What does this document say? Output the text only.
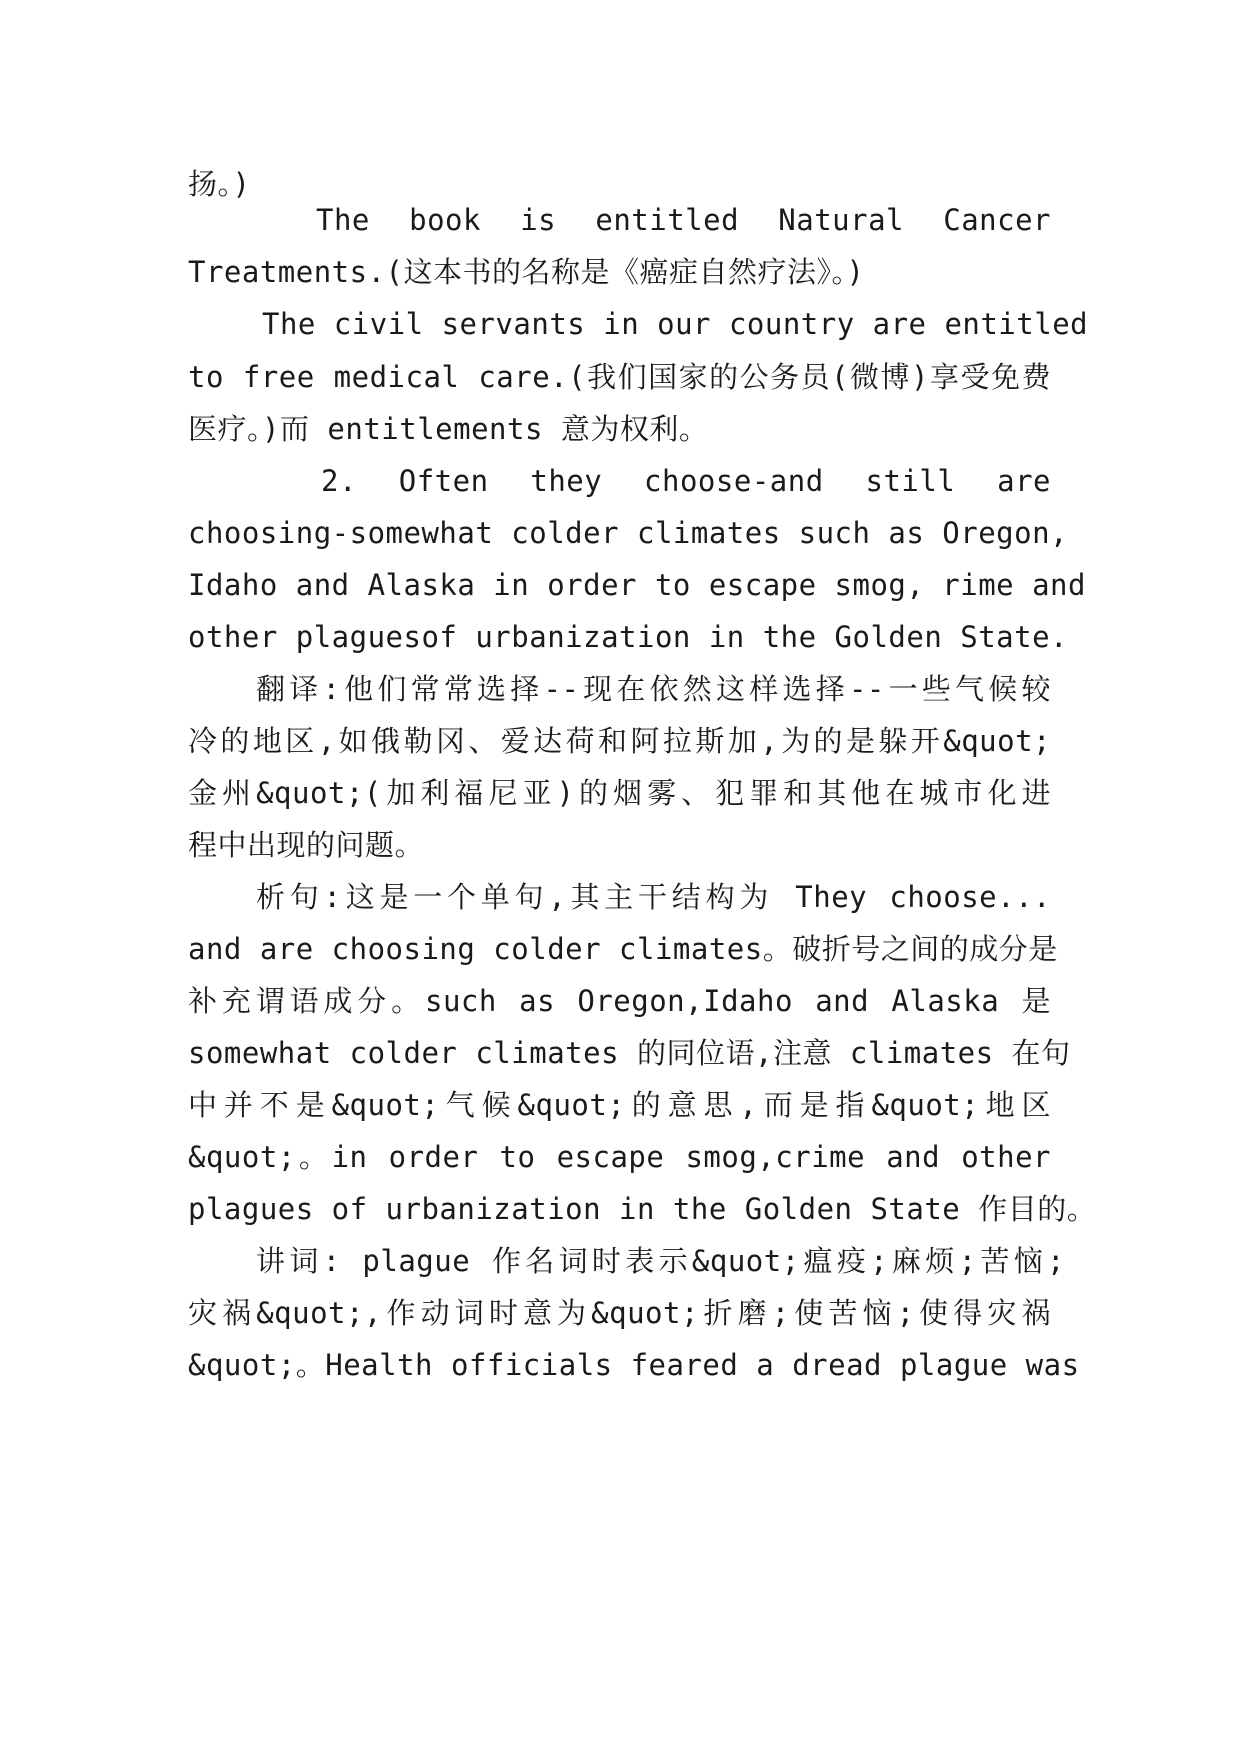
扬。)
The book is entitled Natural Cancer
Treatments.(这本书的名称是《癌症自然疗法》。)
The civil servants in our country are entitled
to free medical care.(我们国家的公务员(微博)享受免费
医疗。)而 entitlements 意为权利。
2. Often they choose-and still are
choosing-somewhat colder climates such as Oregon,
Idaho and Alaska in order to escape smog, rime and
other plaguesof urbanization in the Golden State.
翻译:他们常常选择--现在依然这样选择--一些气候较
冷的地区,如俄勒冈、爱达荷和阿拉斯加,为的是躲开&quot;
金州&quot;(加利福尼亚)的烟雾、犯罪和其他在城市化进
程中出现的问题。
析句:这是一个单句,其主干结构为 They choose...
and are choosing colder climates。破折号之间的成分是
补充谓语成分。such as Oregon,Idaho and Alaska 是
somewhat colder climates 的同位语,注意 climates 在句
中并不是&quot;气候&quot;的意思,而是指&quot;地区
&quot;。in order to escape smog,crime and other
plagues of urbanization in the Golden State 作目的。
讲词: plague 作名词时表示&quot;瘟疫;麻烦;苦恼;
灾祸&quot;,作动词时意为&quot;折磨;使苦恼;使得灾祸
&quot;。Health officials feared a dread plague was
